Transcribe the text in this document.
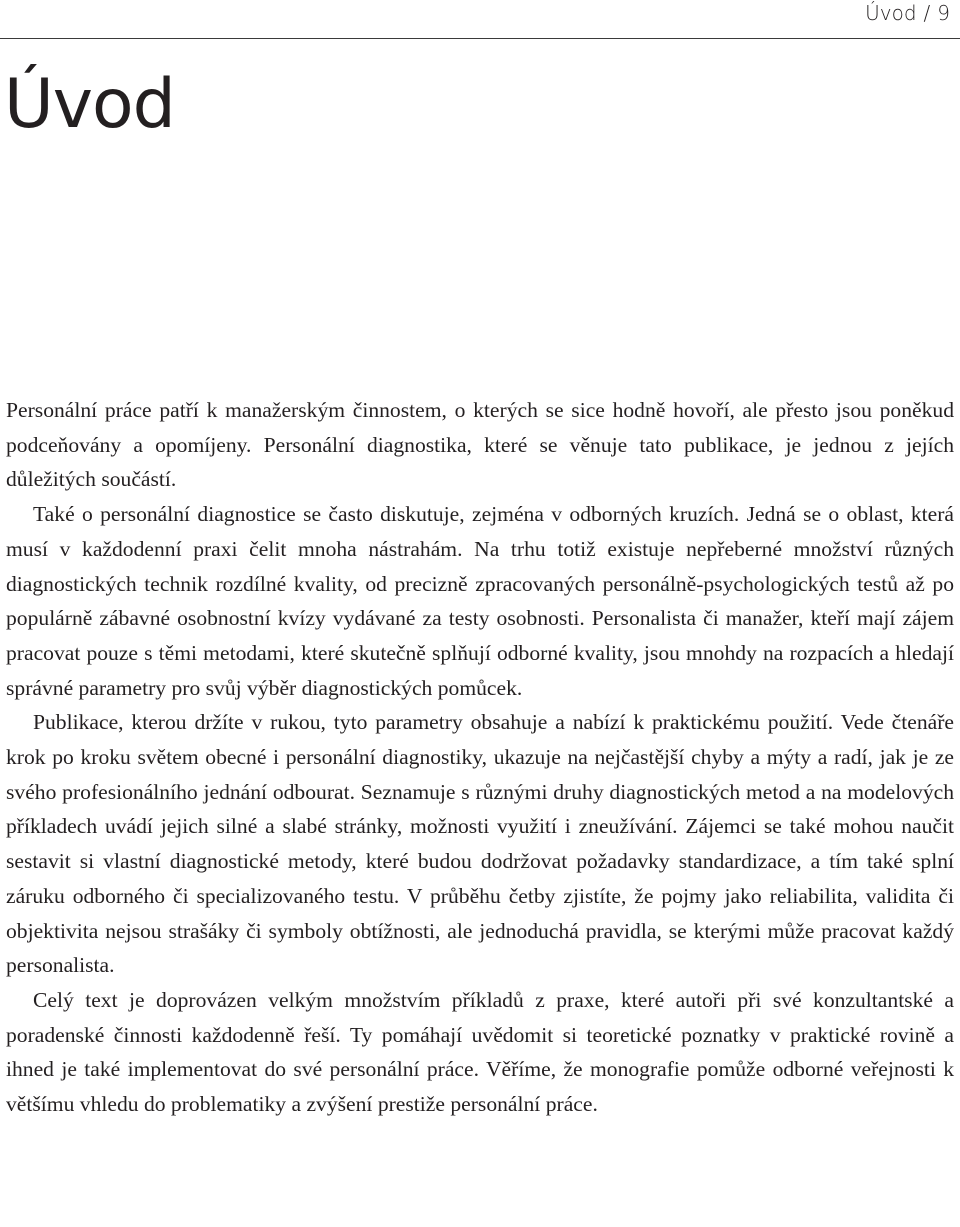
Úvod / 9
Úvod

Personální práce patří k manažerským činnostem, o kterých se sice hodně hovoří, ale přesto jsou poněkud podceňovány a opomíjeny. Personální diagnostika, které se věnuje tato publikace, je jednou z jejích důležitých součástí.

Také o personální diagnostice se často diskutuje, zejména v odborných kruzích. Jedná se o oblast, která musí v každodenní praxi čelit mnoha nástrahám. Na trhu totiž existuje nepřeberné množství různých diagnostických technik rozdílné kvality, od precizně zpracovaných personálně-psychologických testů až po populárně zábavné osobnostní kvízy vydávané za testy osobnosti. Personalista či manažer, kteří mají zájem pracovat pouze s těmi metodami, které skutečně splňují odborné kvality, jsou mnohdy na rozpacích a hledají správné parametry pro svůj výběr diagnostických pomůcek.

Publikace, kterou držíte v rukou, tyto parametry obsahuje a nabízí k praktickému použití. Vede čtenáře krok po kroku světem obecné i personální diagnostiky, ukazuje na nejčastější chyby a mýty a radí, jak je ze svého profesionálního jednání odbourat. Seznamuje s různými druhy diagnostických metod a na modelových příkladech uvádí jejich silné a slabé stránky, možnosti využití i zneužívání. Zájemci se také mohou naučit sestavit si vlastní diagnostické metody, které budou dodržovat požadavky standardizace, a tím také splní záruku odborného či specializovaného testu. V průběhu četby zjistíte, že pojmy jako reliabilita, validita či objektivita nejsou strašáky či symboly obtížnosti, ale jednoduchá pravidla, se kterými může pracovat každý personalista.

Celý text je doprovázen velkým množstvím příkladů z praxe, které autoři při své konzultantské a poradenské činnosti každodenně řeší. Ty pomáhají uvědomit si teoretické poznatky v praktické rovině a ihned je také implementovat do své personální práce. Věříme, že monografie pomůže odborné veřejnosti k většímu vhledu do problematiky a zvýšení prestiže personální práce.
